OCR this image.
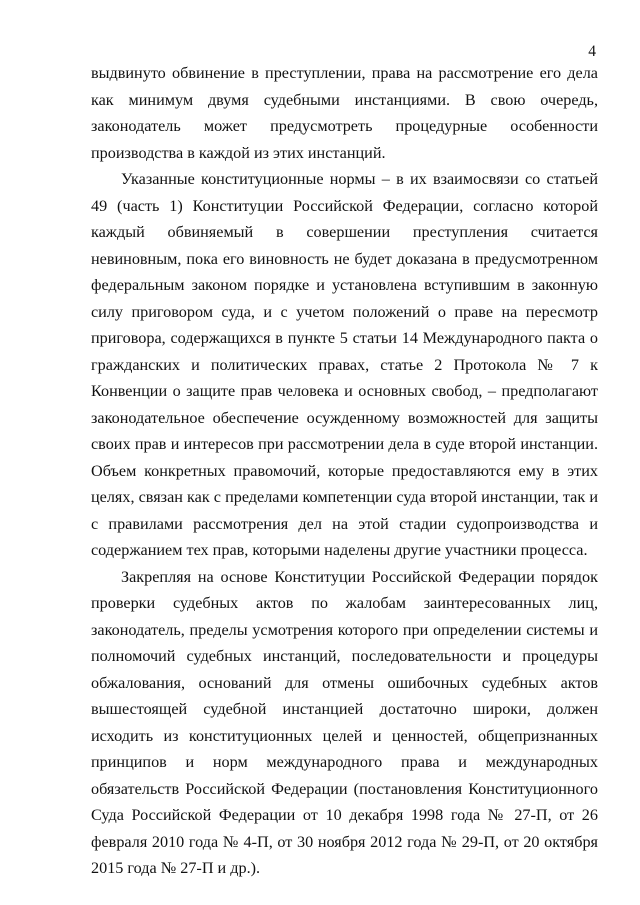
4

выдвинуто обвинение в преступлении, права на рассмотрение его дела как минимум двумя судебными инстанциями. В свою очередь, законодатель может предусмотреть процедурные особенности производства в каждой из этих инстанций.

Указанные конституционные нормы – в их взаимосвязи со статьей 49 (часть 1) Конституции Российской Федерации, согласно которой каждый обвиняемый в совершении преступления считается невиновным, пока его виновность не будет доказана в предусмотренном федеральным законом порядке и установлена вступившим в законную силу приговором суда, и с учетом положений о праве на пересмотр приговора, содержащихся в пункте 5 статьи 14 Международного пакта о гражданских и политических правах, статье 2 Протокола № 7 к Конвенции о защите прав человека и основных свобод, – предполагают законодательное обеспечение осужденному возможностей для защиты своих прав и интересов при рассмотрении дела в суде второй инстанции. Объем конкретных правомочий, которые предоставляются ему в этих целях, связан как с пределами компетенции суда второй инстанции, так и с правилами рассмотрения дел на этой стадии судопроизводства и содержанием тех прав, которыми наделены другие участники процесса.

Закрепляя на основе Конституции Российской Федерации порядок проверки судебных актов по жалобам заинтересованных лиц, законодатель, пределы усмотрения которого при определении системы и полномочий судебных инстанций, последовательности и процедуры обжалования, оснований для отмены ошибочных судебных актов вышестоящей судебной инстанцией достаточно широки, должен исходить из конституционных целей и ценностей, общепризнанных принципов и норм международного права и международных обязательств Российской Федерации (постановления Конституционного Суда Российской Федерации от 10 декабря 1998 года № 27-П, от 26 февраля 2010 года № 4-П, от 30 ноября 2012 года № 29-П, от 20 октября 2015 года № 27-П и др.).
